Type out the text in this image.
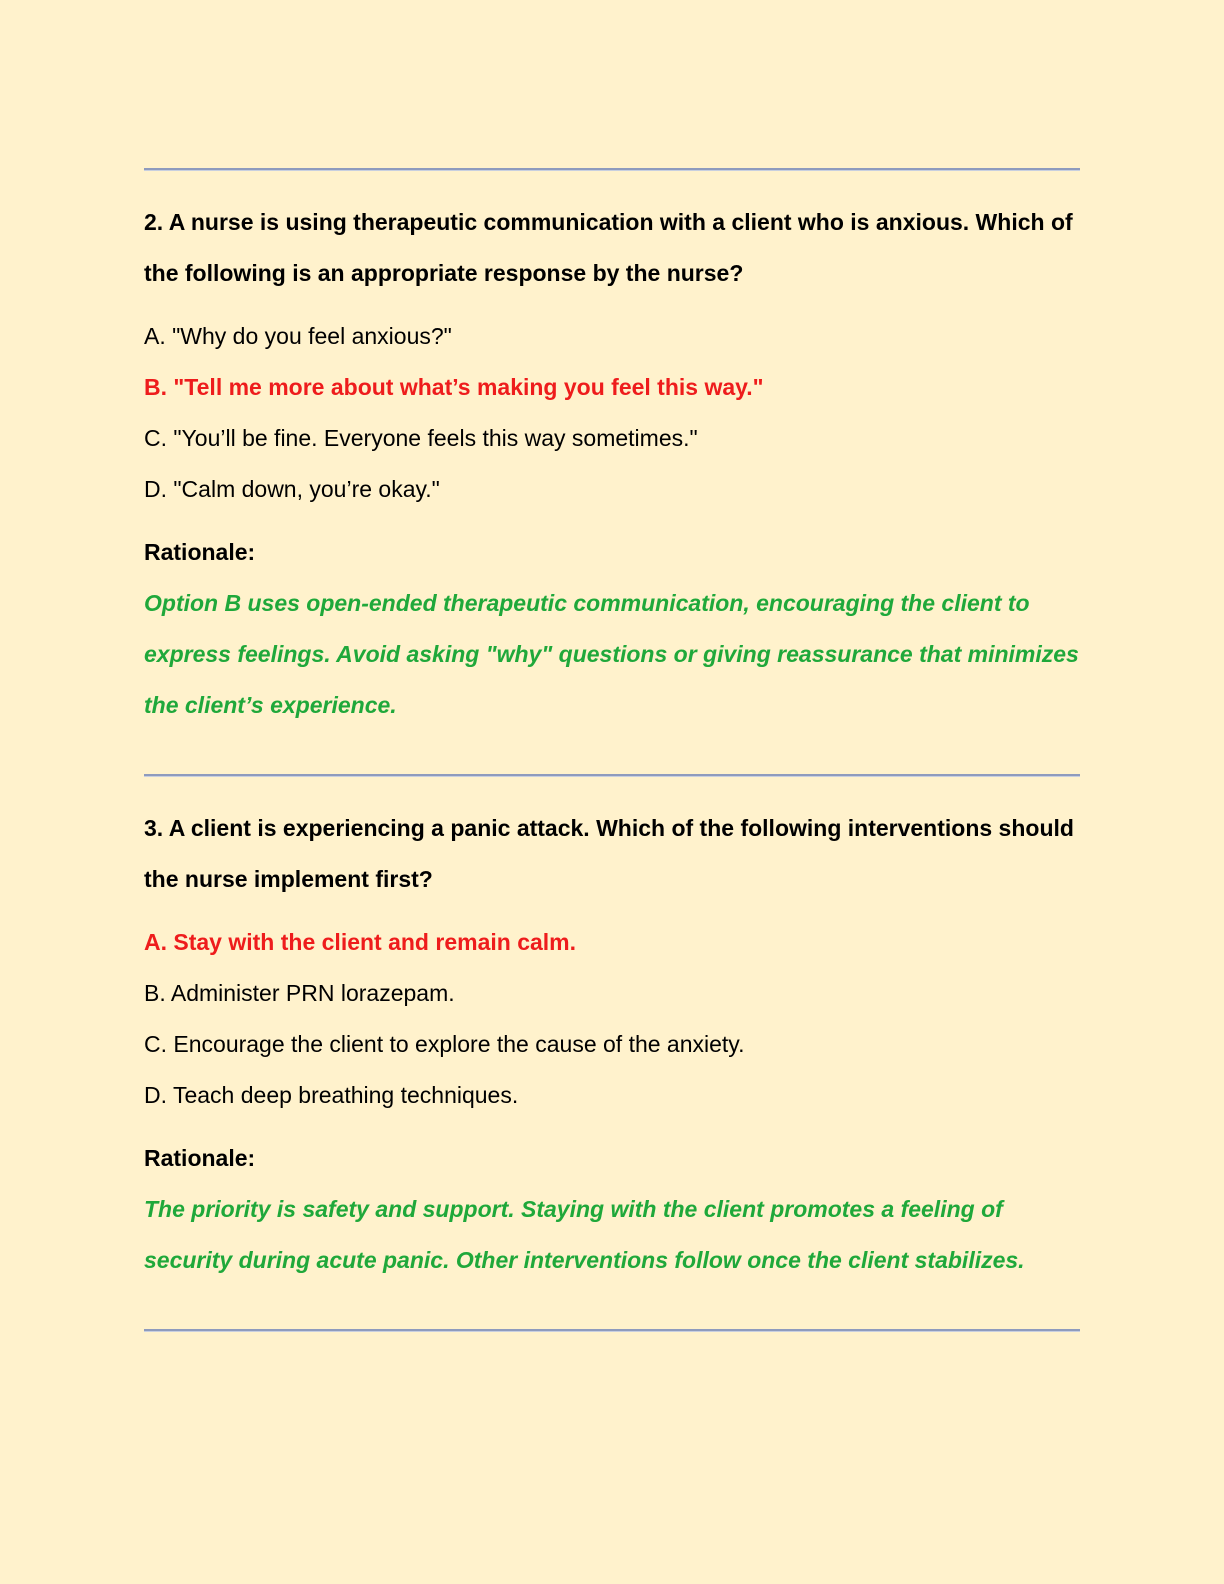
2. A nurse is using therapeutic communication with a client who is anxious. Which of the following is an appropriate response by the nurse?

A. "Why do you feel anxious?"

B. "Tell me more about what’s making you feel this way."

C. "You’ll be fine. Everyone feels this way sometimes."

D. "Calm down, you’re okay."

Rationale:

Option B uses open-ended therapeutic communication, encouraging the client to express feelings. Avoid asking "why" questions or giving reassurance that minimizes the client’s experience.

3. A client is experiencing a panic attack. Which of the following interventions should the nurse implement first?

A. Stay with the client and remain calm.

B. Administer PRN lorazepam.

C. Encourage the client to explore the cause of the anxiety.

D. Teach deep breathing techniques.

Rationale:

The priority is safety and support. Staying with the client promotes a feeling of security during acute panic. Other interventions follow once the client stabilizes.
